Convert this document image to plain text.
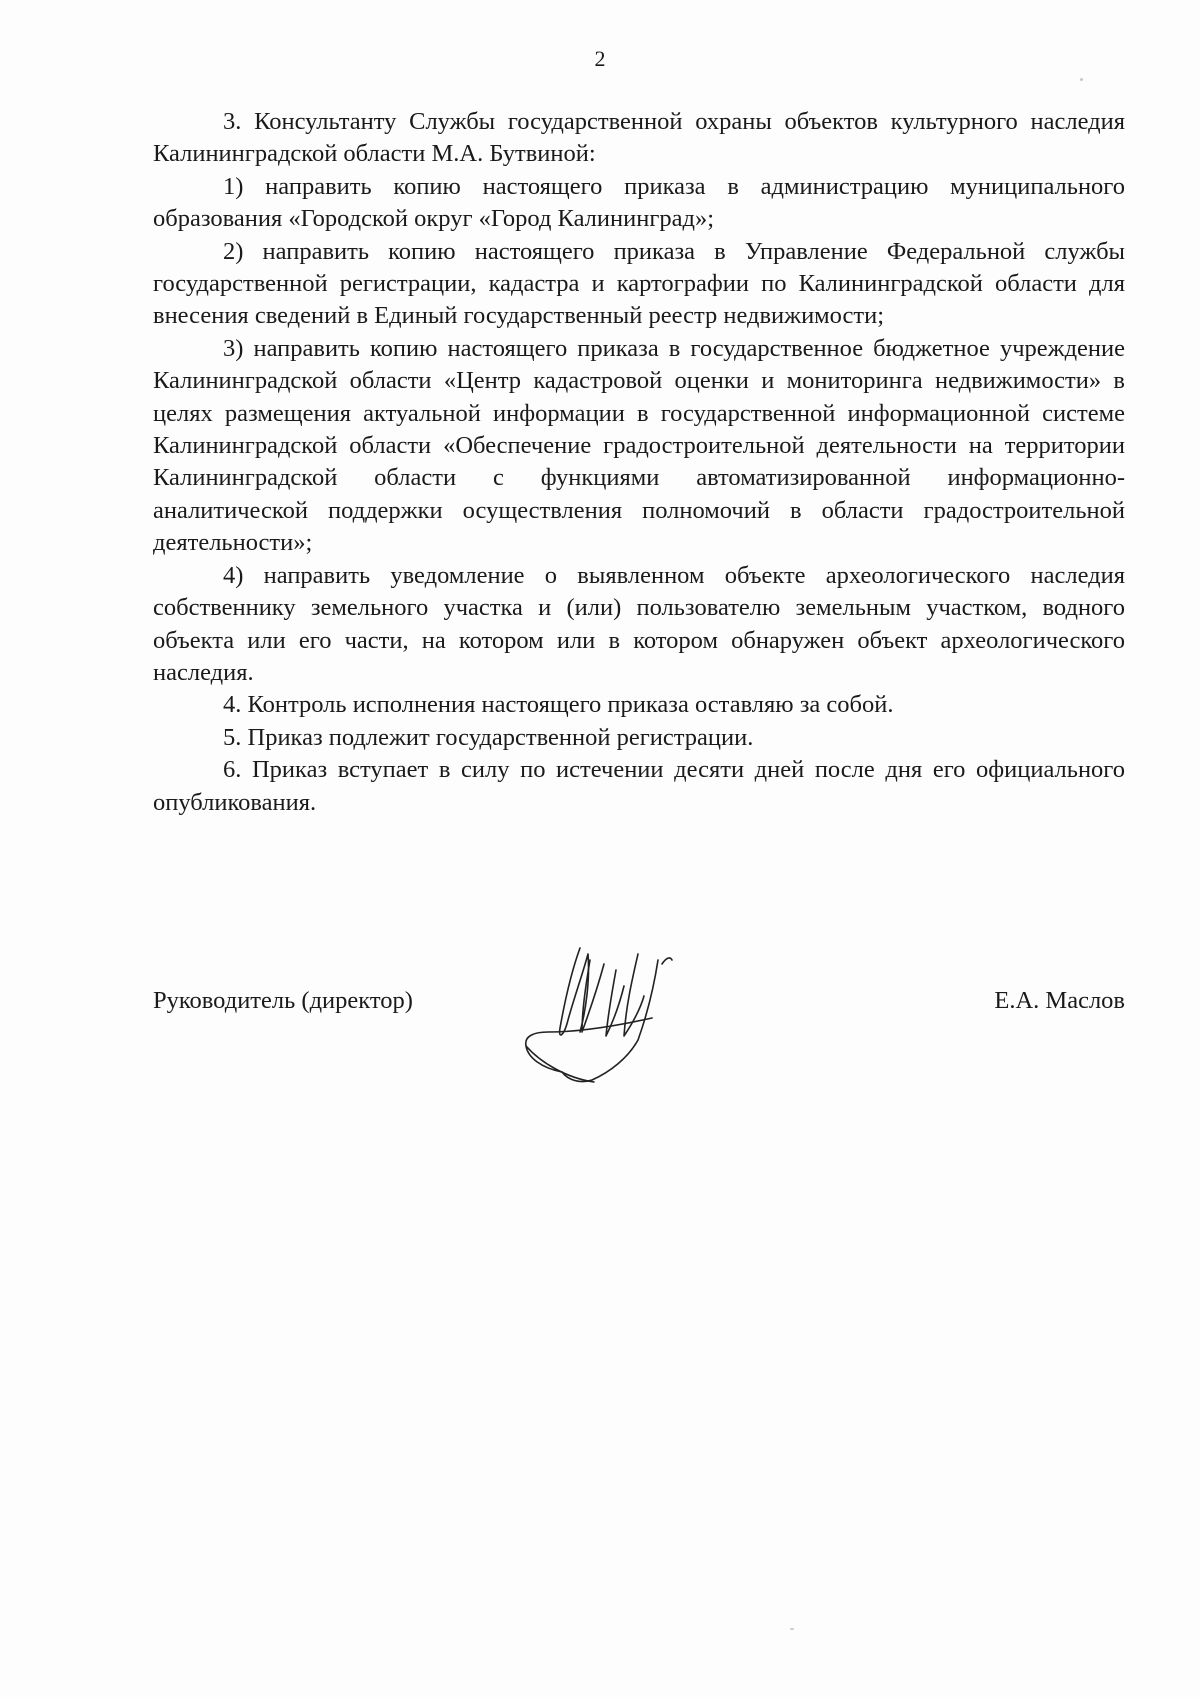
2

3. Консультанту Службы государственной охраны объектов культурного наследия Калининградской области М.А. Бутвиной:

1) направить копию настоящего приказа в администрацию муниципального образования «Городской округ «Город Калининград»;

2) направить копию настоящего приказа в Управление Федеральной службы государственной регистрации, кадастра и картографии по Калининградской области для внесения сведений в Единый государственный реестр недвижимости;

3) направить копию настоящего приказа в государственное бюджетное учреждение Калининградской области «Центр кадастровой оценки и мониторинга недвижимости» в целях размещения актуальной информации в государственной информационной системе Калининградской области «Обеспечение градостроительной деятельности на территории Калининградской области с функциями автоматизированной информационно-аналитической поддержки осуществления полномочий в области градостроительной деятельности»;

4) направить уведомление о выявленном объекте археологического наследия собственнику земельного участка и (или) пользователю земельным участком, водного объекта или его части, на котором или в котором обнаружен объект археологического наследия.

4. Контроль исполнения настоящего приказа оставляю за собой.

5. Приказ подлежит государственной регистрации.

6. Приказ вступает в силу по истечении десяти дней после дня его официального опубликования.

Руководитель (директор)	Е.А. Маслов
